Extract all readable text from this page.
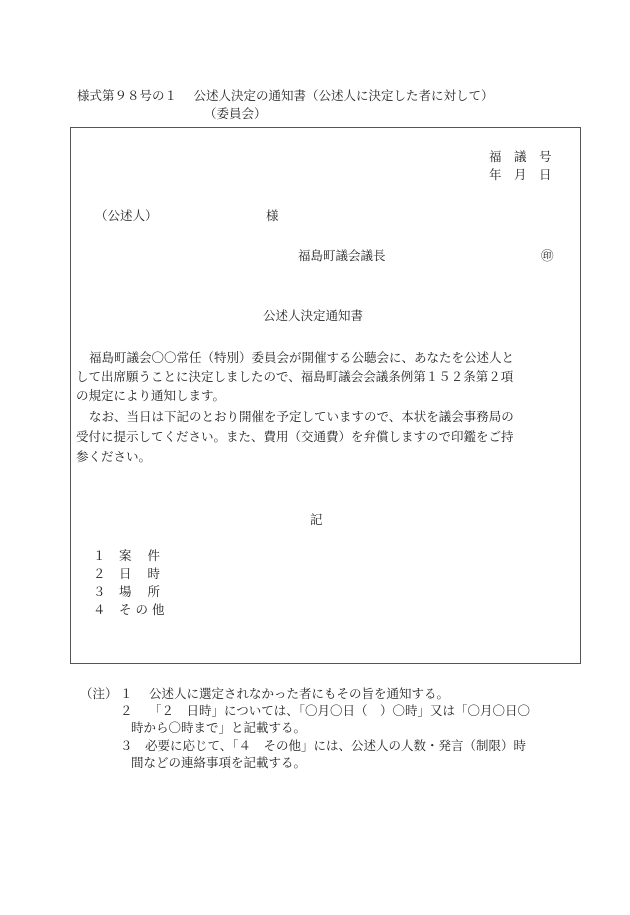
様式第９８号の１　 公述人決定の通知書（公述人に決定した者に対して）
（委員会）
福　議　号
年　月　日
（公述人）	様
福島町議会議長	㊞
公述人決定通知書
福島町議会〇〇常任（特別）委員会が開催する公聴会に、あなたを公述人と
して出席願うことに決定しましたので、福島町議会会議条例第１５２条第２項
の規定により通知します。
なお、当日は下記のとおり開催を予定していますので、本状を議会事務局の
受付に提示してください。また、費用（交通費）を弁償しますので印鑑をご持
参ください。
記
１ 案件
２ 日時
３ 場所
４ その他
（注） １　 公述人に選定されなかった者にもその旨を通知する。
２　 「２　日時」については、「〇月〇日（　）〇時」又は「〇月〇日〇
時から〇時まで」と記載する。
３　必要に応じて、「４　その他」には、公述人の人数・発言（制限）時
間などの連絡事項を記載する。
